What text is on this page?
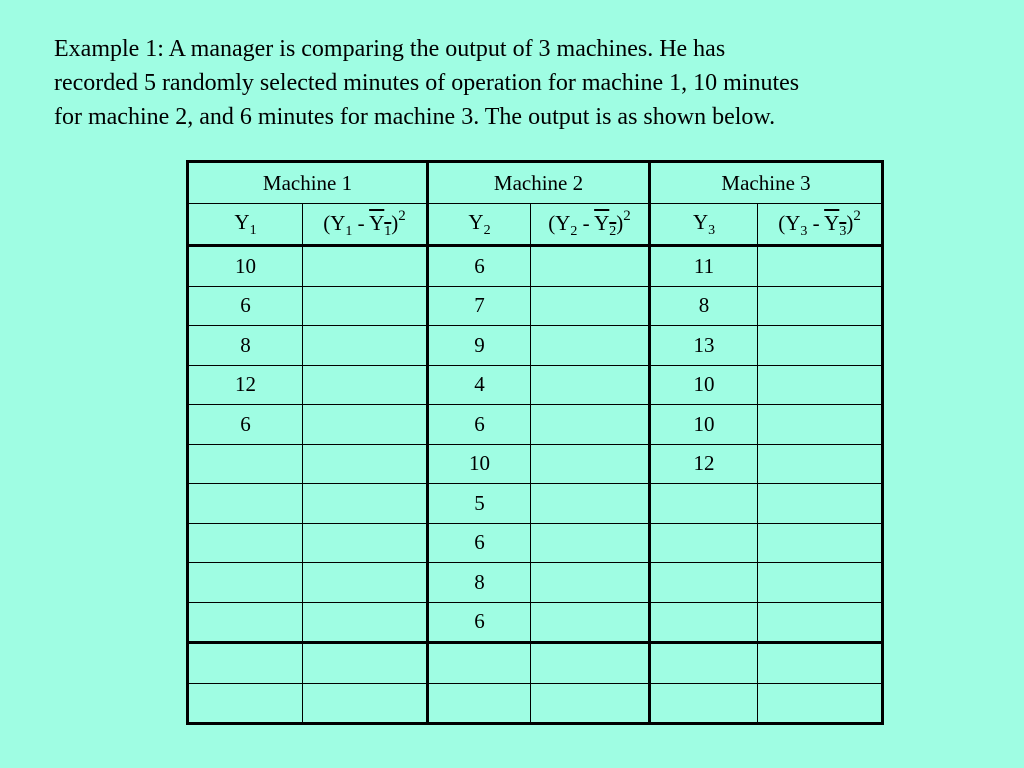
Example 1: A manager is comparing the output of 3 machines. He has
recorded 5 randomly selected minutes of operation for machine 1, 10 minutes
for machine 2, and 6 minutes for machine 3. The output is as shown below.

Machine 1		Machine 2		Machine 3	
$Y_1$	$(Y_1 - Y_1)^2$	$Y_2$	$(Y_2 - Y_2)^2$	$Y_3$	$(Y_3 - Y_3)^2$
10		6		11	
6		7		8	
8		9		13	
12		4		10	
6		6		10	
		10		12	
		5			
		6			
		8			
		6			
